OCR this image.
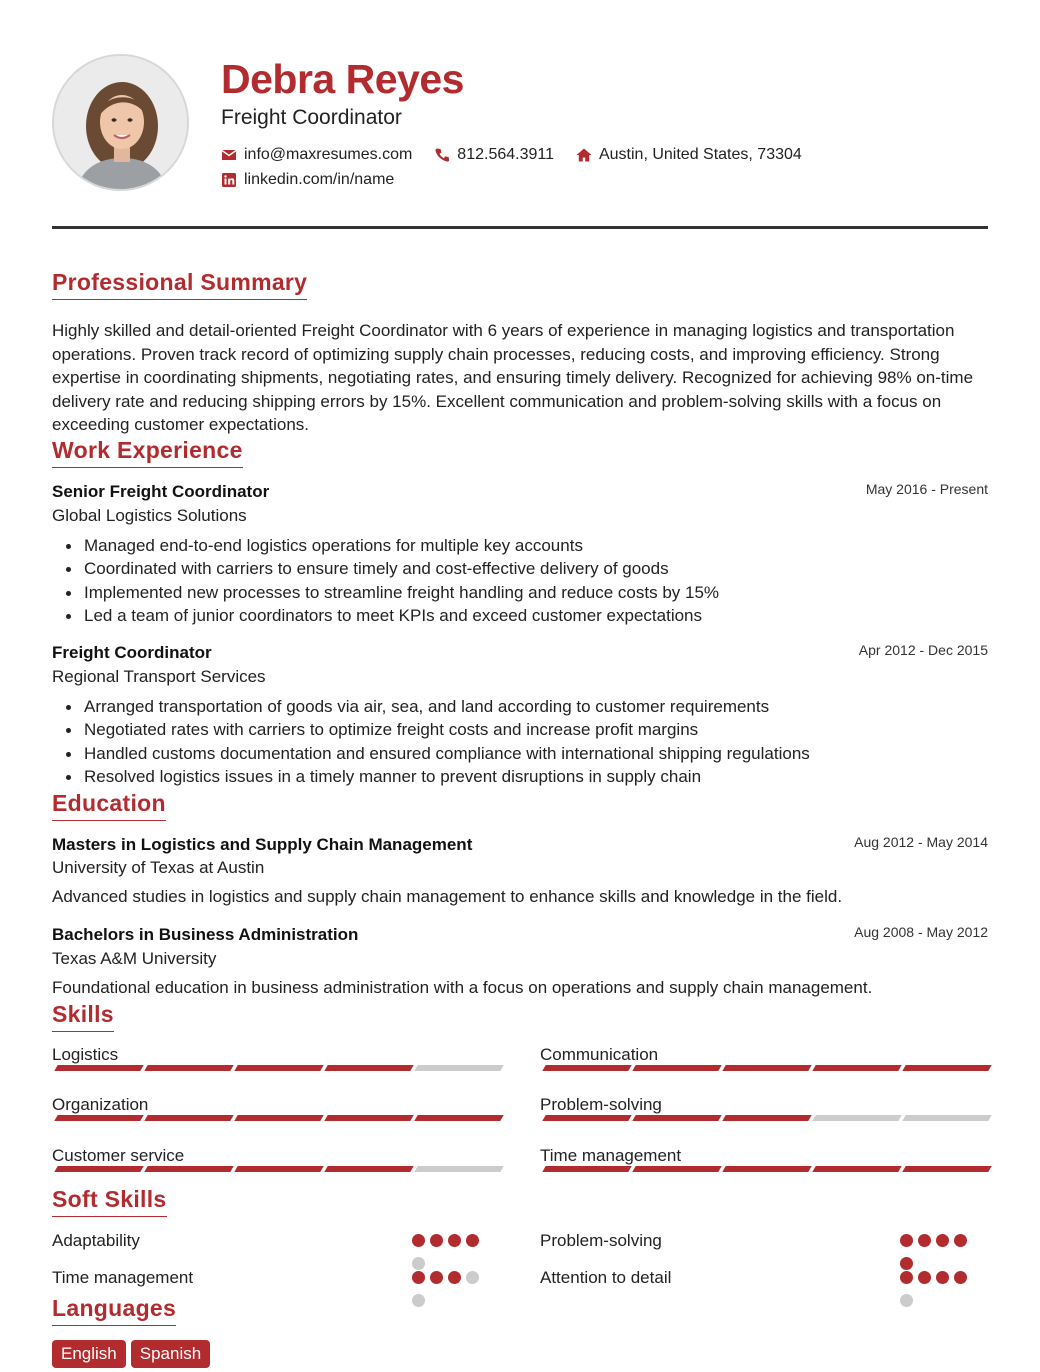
Debra Reyes
Freight Coordinator
info@maxresumes.com	812.564.3911	Austin, United States, 73304
linkedin.com/in/name
Professional Summary
Highly skilled and detail-oriented Freight Coordinator with 6 years of experience in managing logistics and transportation operations. Proven track record of optimizing supply chain processes, reducing costs, and improving efficiency. Strong expertise in coordinating shipments, negotiating rates, and ensuring timely delivery. Recognized for achieving 98% on-time delivery rate and reducing shipping errors by 15%. Excellent communication and problem-solving skills with a focus on exceeding customer expectations.
Work Experience
Senior Freight Coordinator	May 2016 - Present
Global Logistics Solutions
Managed end-to-end logistics operations for multiple key accounts
Coordinated with carriers to ensure timely and cost-effective delivery of goods
Implemented new processes to streamline freight handling and reduce costs by 15%
Led a team of junior coordinators to meet KPIs and exceed customer expectations
Freight Coordinator	Apr 2012 - Dec 2015
Regional Transport Services
Arranged transportation of goods via air, sea, and land according to customer requirements
Negotiated rates with carriers to optimize freight costs and increase profit margins
Handled customs documentation and ensured compliance with international shipping regulations
Resolved logistics issues in a timely manner to prevent disruptions in supply chain
Education
Masters in Logistics and Supply Chain Management	Aug 2012 - May 2014
University of Texas at Austin
Advanced studies in logistics and supply chain management to enhance skills and knowledge in the field.
Bachelors in Business Administration	Aug 2008 - May 2012
Texas A&M University
Foundational education in business administration with a focus on operations and supply chain management.
Skills
Logistics	Communication
Organization	Problem-solving
Customer service	Time management
Soft Skills
Adaptability	Problem-solving
Time management	Attention to detail
Languages
English	Spanish
